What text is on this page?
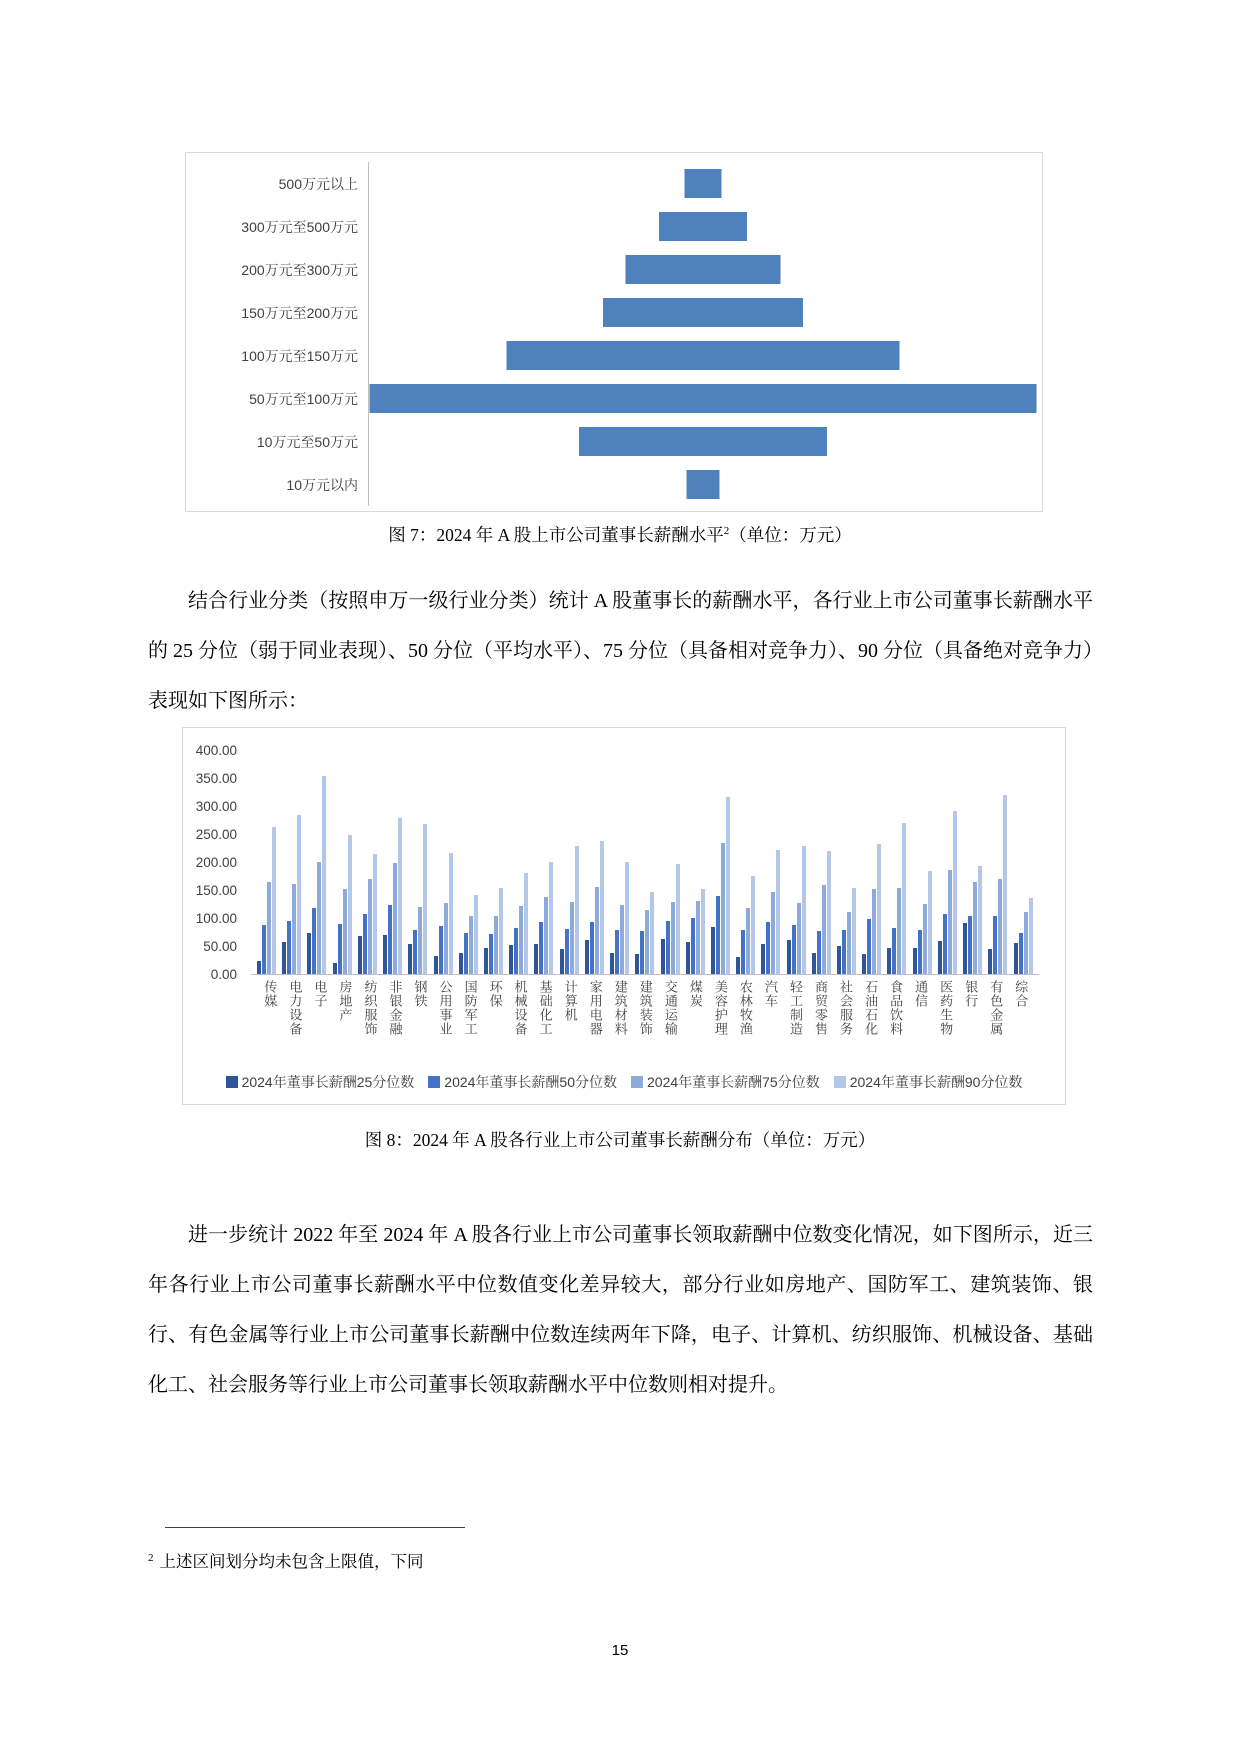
500万元以上
300万元至500万元
200万元至300万元
150万元至200万元
100万元至150万元
50万元至100万元
10万元至50万元
10万元以内
图 7：2024 年 A 股上市公司董事长薪酬水平$^2$（单位：万元）

结合行业分类（按照申万一级行业分类）统计 A 股董事长的薪酬水平，各行业上市公司董事长薪酬水平的 25 分位（弱于同业表现）、50 分位（平均水平）、75 分位（具备相对竞争力）、90 分位（具备绝对竞争力）表现如下图所示：

400.00
350.00
300.00
250.00
200.00
150.00
100.00
50.00
0.00
传媒 电力设备 电子 房地产 纺织服饰 非银金融 钢铁 公用事业 国防军工 环保 机械设备 基础化工 计算机 家用电器 建筑材料 建筑装饰 交通运输 煤炭 美容护理 农林牧渔 汽车 轻工制造 商贸零售 社会服务 石油石化 食品饮料 通信 医药生物 银行 有色金属 综合
2024年董事长薪酬25分位数 2024年董事长薪酬50分位数 2024年董事长薪酬75分位数 2024年董事长薪酬90分位数
图 8：2024 年 A 股各行业上市公司董事长薪酬分布（单位：万元）

进一步统计 2022 年至 2024 年 A 股各行业上市公司董事长领取薪酬中位数变化情况，如下图所示，近三年各行业上市公司董事长薪酬水平中位数值变化差异较大，部分行业如房地产、国防军工、建筑装饰、银行、有色金属等行业上市公司董事长薪酬中位数连续两年下降，电子、计算机、纺织服饰、机械设备、基础化工、社会服务等行业上市公司董事长领取薪酬水平中位数则相对提升。

$^2$ 上述区间划分均未包含上限值，下同
15
